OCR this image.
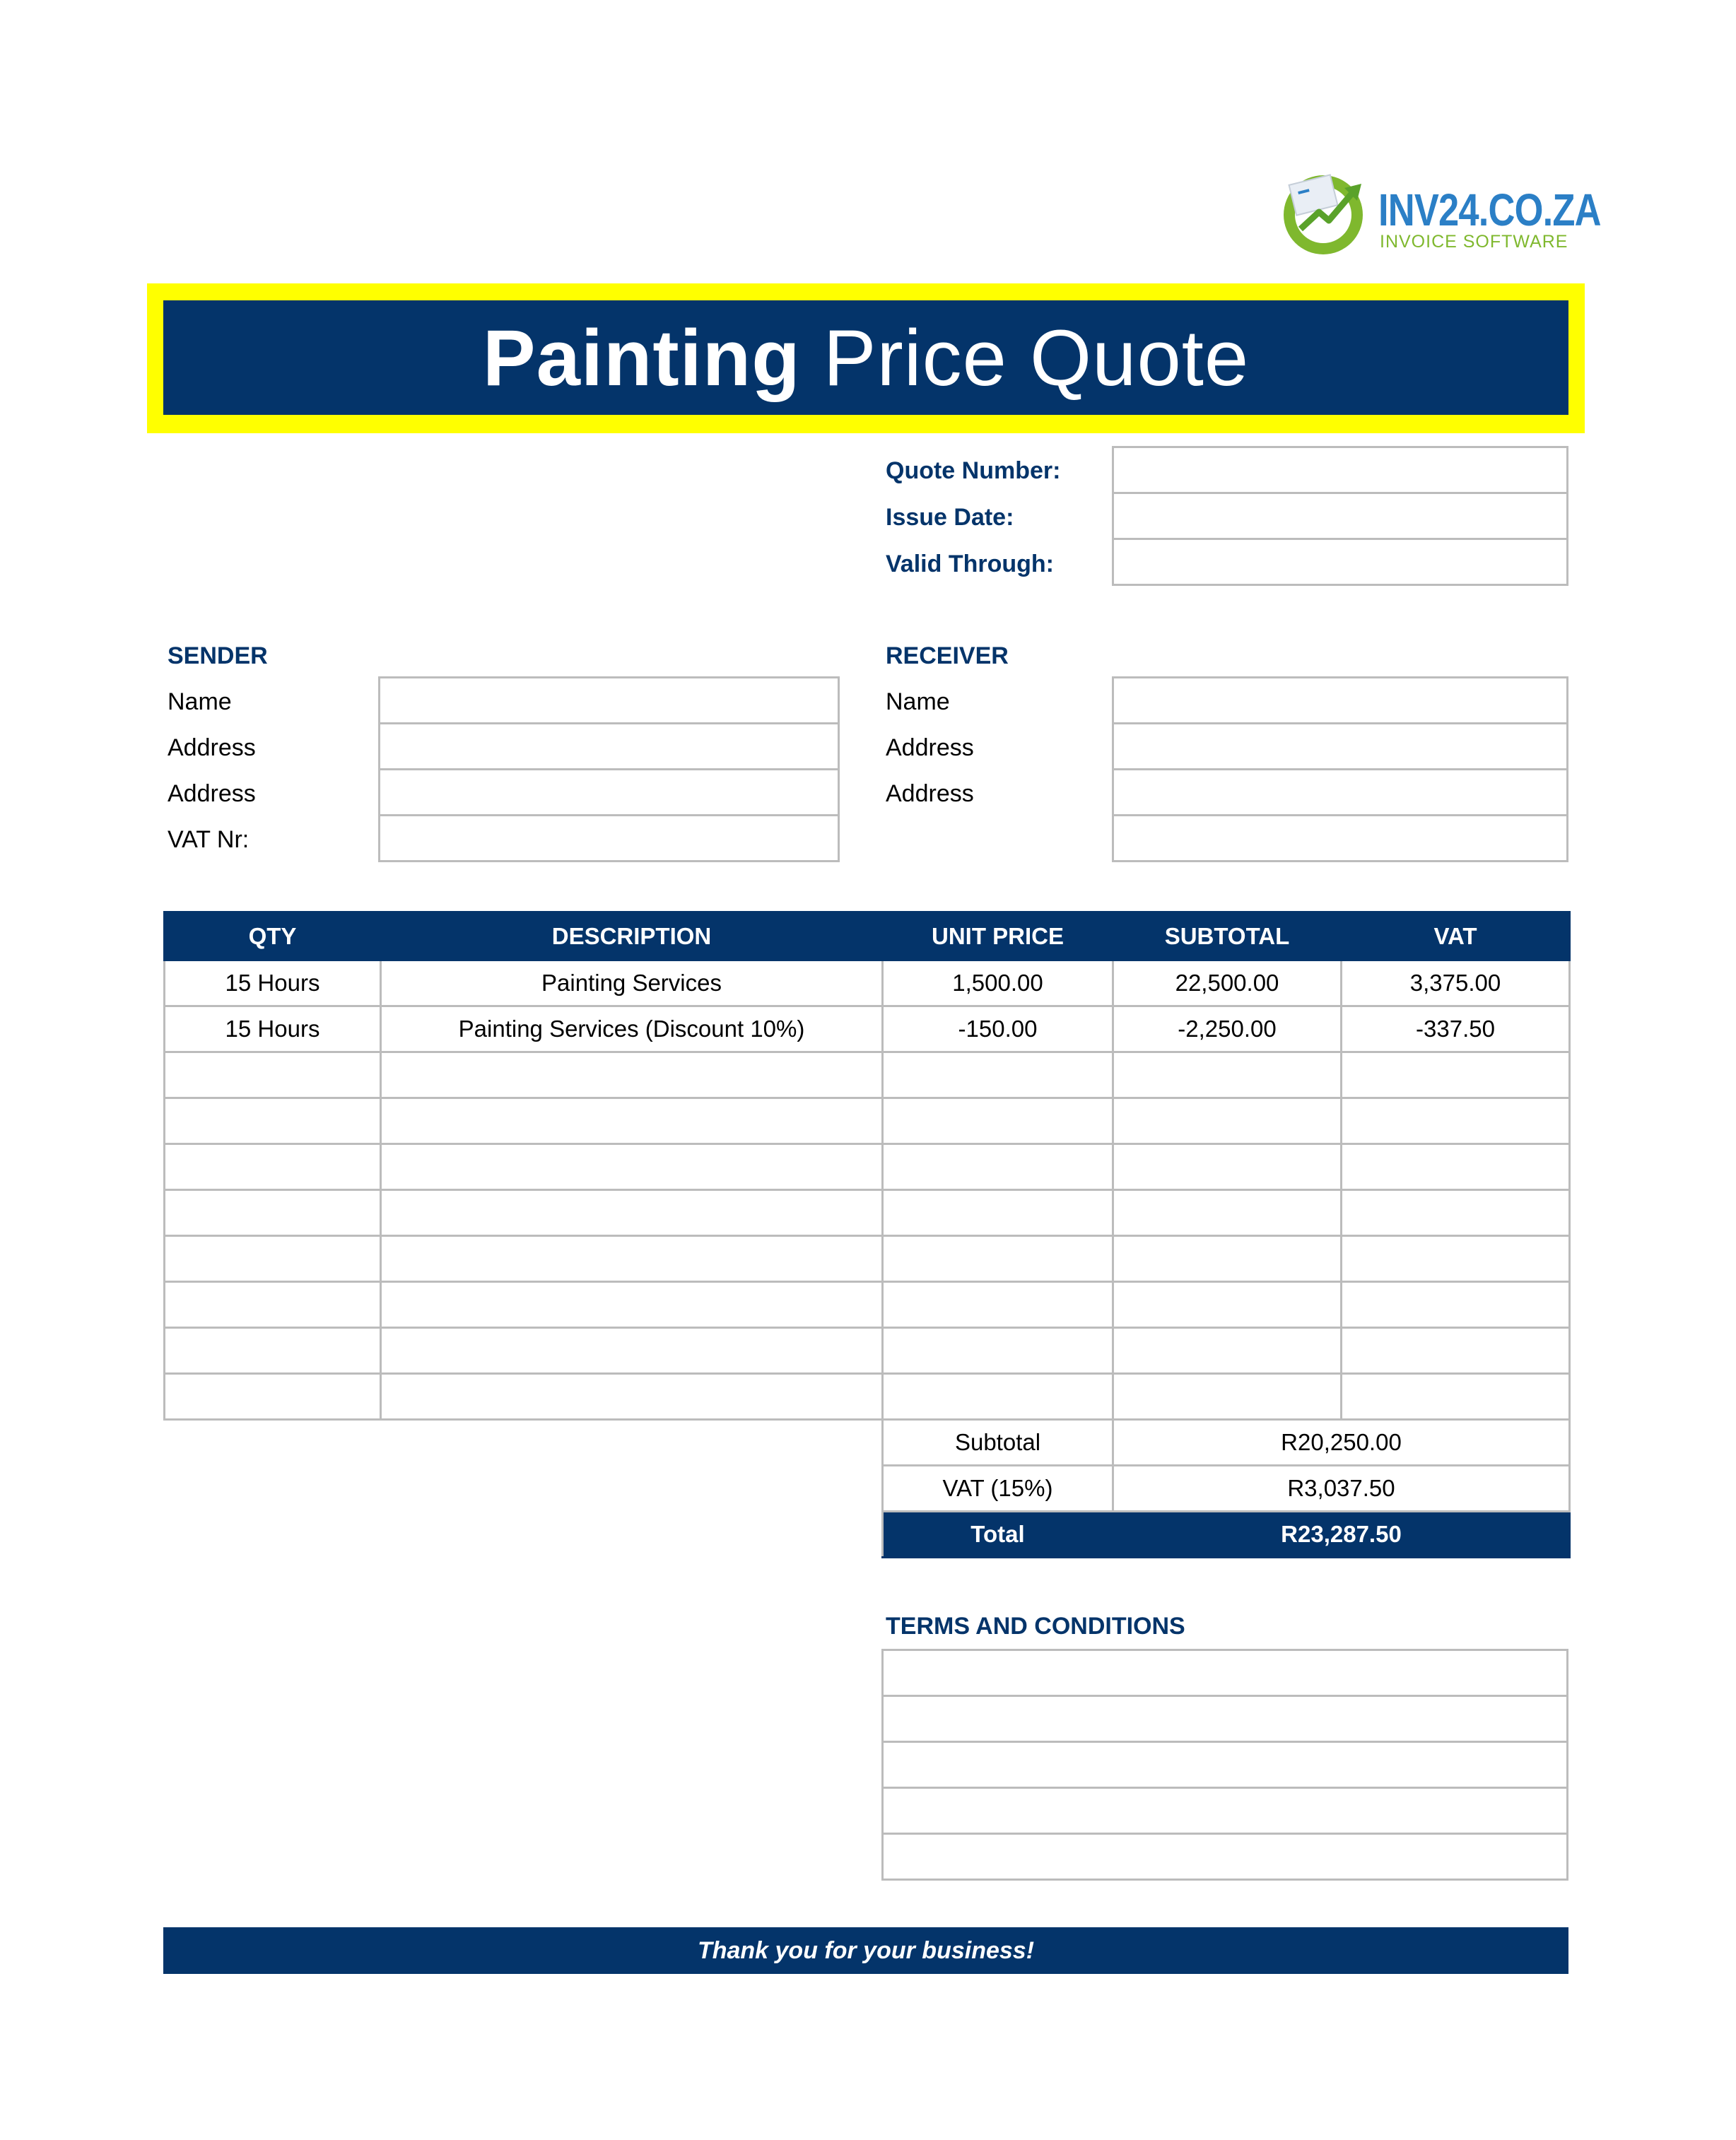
INV24.CO.ZA
INVOICE SOFTWARE
Painting Price Quote
Quote Number:
Issue Date:
Valid Through:
SENDER
Name
Address
Address
VAT Nr:
RECEIVER
Name
Address
Address
QTY	DESCRIPTION	UNIT PRICE	SUBTOTAL	VAT
15 Hours	Painting Services	1,500.00	22,500.00	3,375.00
15 Hours	Painting Services (Discount 10%)	-150.00	-2,250.00	-337.50

Subtotal	R20,250.00
VAT (15%)	R3,037.50
Total	R23,287.50
TERMS AND CONDITIONS

Thank you for your business!
